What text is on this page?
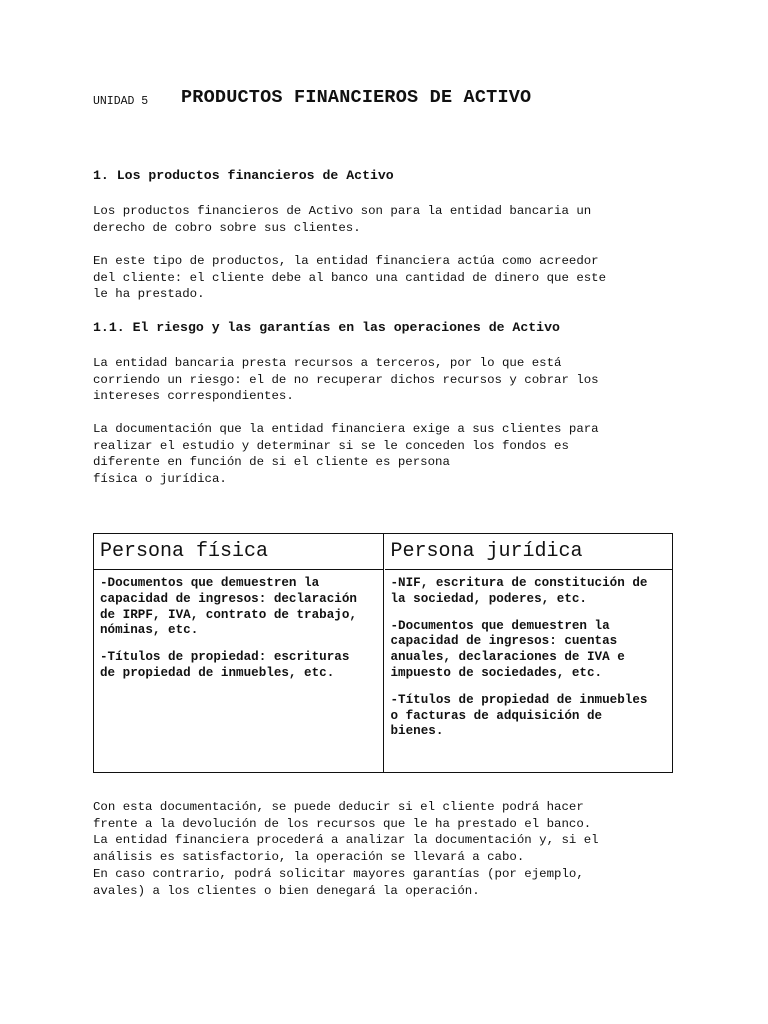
UNIDAD 5 PRODUCTOS FINANCIEROS DE ACTIVO
1. Los productos financieros de Activo

Los productos financieros de Activo son para la entidad bancaria un

derecho de cobro sobre sus clientes.

En este tipo de productos, la entidad financiera actúa como acreedor

del cliente: el cliente debe al banco una cantidad de dinero que este

le ha prestado.

1.1. El riesgo y las garantías en las operaciones de Activo

La entidad bancaria presta recursos a terceros, por lo que está

corriendo un riesgo: el de no recuperar dichos recursos y cobrar los

intereses correspondientes.

La documentación que la entidad financiera exige a sus clientes para

realizar el estudio y determinar si se le conceden los fondos es

diferente en función de si el cliente es persona

física o jurídica.

Persona física

-Documentos que demuestren la
capacidad de ingresos: declaración
de IRPF, IVA, contrato de trabajo,
nóminas, etc.

-Títulos de propiedad: escrituras
de propiedad de inmuebles, etc.

Persona jurídica

-NIF, escritura de constitución de
la sociedad, poderes, etc.

-Documentos que demuestren la
capacidad de ingresos: cuentas
anuales, declaraciones de IVA e
impuesto de sociedades, etc.

-Títulos de propiedad de inmuebles
o facturas de adquisición de
bienes.

Con esta documentación, se puede deducir si el cliente podrá hacer

frente a la devolución de los recursos que le ha prestado el banco.

La entidad financiera procederá a analizar la documentación y, si el

análisis es satisfactorio, la operación se llevará a cabo.

En caso contrario, podrá solicitar mayores garantías (por ejemplo,

avales) a los clientes o bien denegará la operación.
